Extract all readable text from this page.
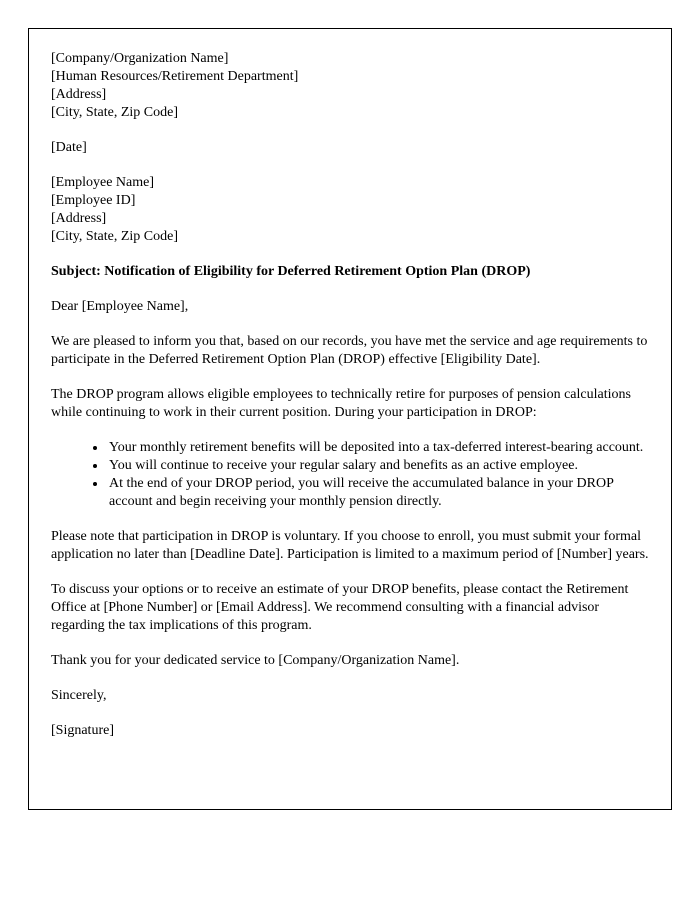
[Company/Organization Name]
[Human Resources/Retirement Department]
[Address]
[City, State, Zip Code]
[Date]
[Employee Name]
[Employee ID]
[Address]
[City, State, Zip Code]
Subject: Notification of Eligibility for Deferred Retirement Option Plan (DROP)
Dear [Employee Name],
We are pleased to inform you that, based on our records, you have met the service and age requirements to participate in the Deferred Retirement Option Plan (DROP) effective [Eligibility Date].
The DROP program allows eligible employees to technically retire for purposes of pension calculations while continuing to work in their current position. During your participation in DROP:
• Your monthly retirement benefits will be deposited into a tax-deferred interest-bearing account.
• You will continue to receive your regular salary and benefits as an active employee.
• At the end of your DROP period, you will receive the accumulated balance in your DROP account and begin receiving your monthly pension directly.
Please note that participation in DROP is voluntary. If you choose to enroll, you must submit your formal application no later than [Deadline Date]. Participation is limited to a maximum period of [Number] years.
To discuss your options or to receive an estimate of your DROP benefits, please contact the Retirement Office at [Phone Number] or [Email Address]. We recommend consulting with a financial advisor regarding the tax implications of this program.
Thank you for your dedicated service to [Company/Organization Name].
Sincerely,
[Signature]
